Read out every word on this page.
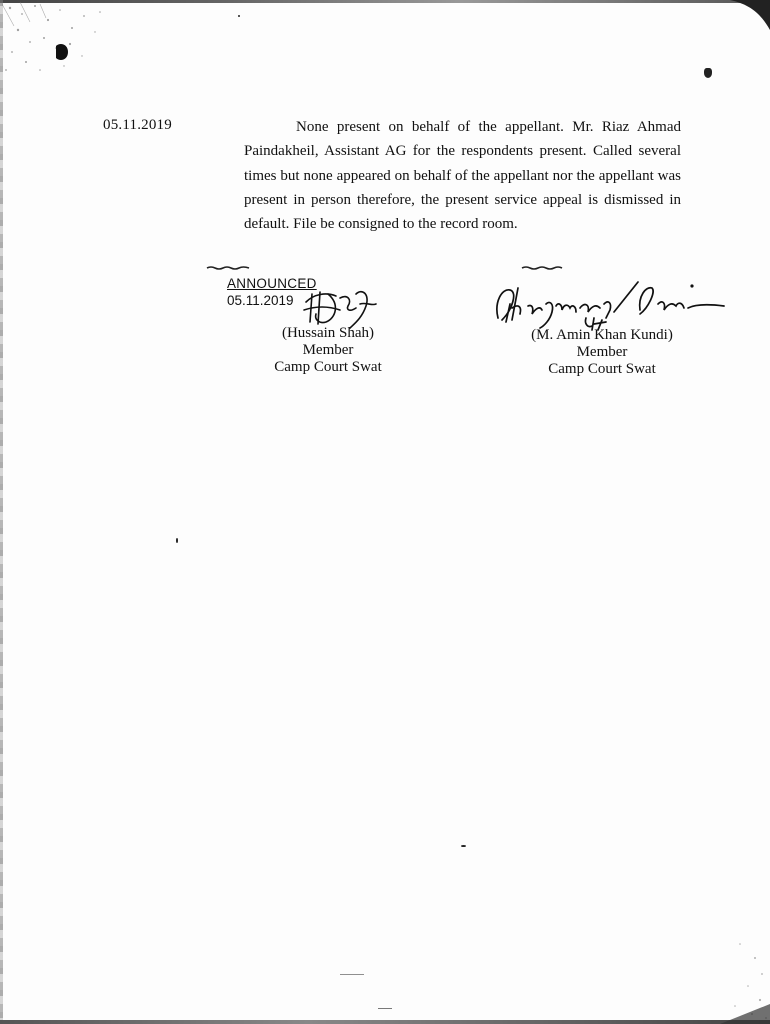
05.11.2019	None present on behalf of the appellant. Mr. Riaz Ahmad Paindakheil, Assistant AG for the respondents present. Called several times but none appeared on behalf of the appellant nor the appellant was present in person therefore, the present service appeal is dismissed in default. File be consigned to the record room.
ANNOUNCED
05.11.2019
(Hussain Shah)
Member
Camp Court Swat
(M. Amin Khan Kundi)
Member
Camp Court Swat
